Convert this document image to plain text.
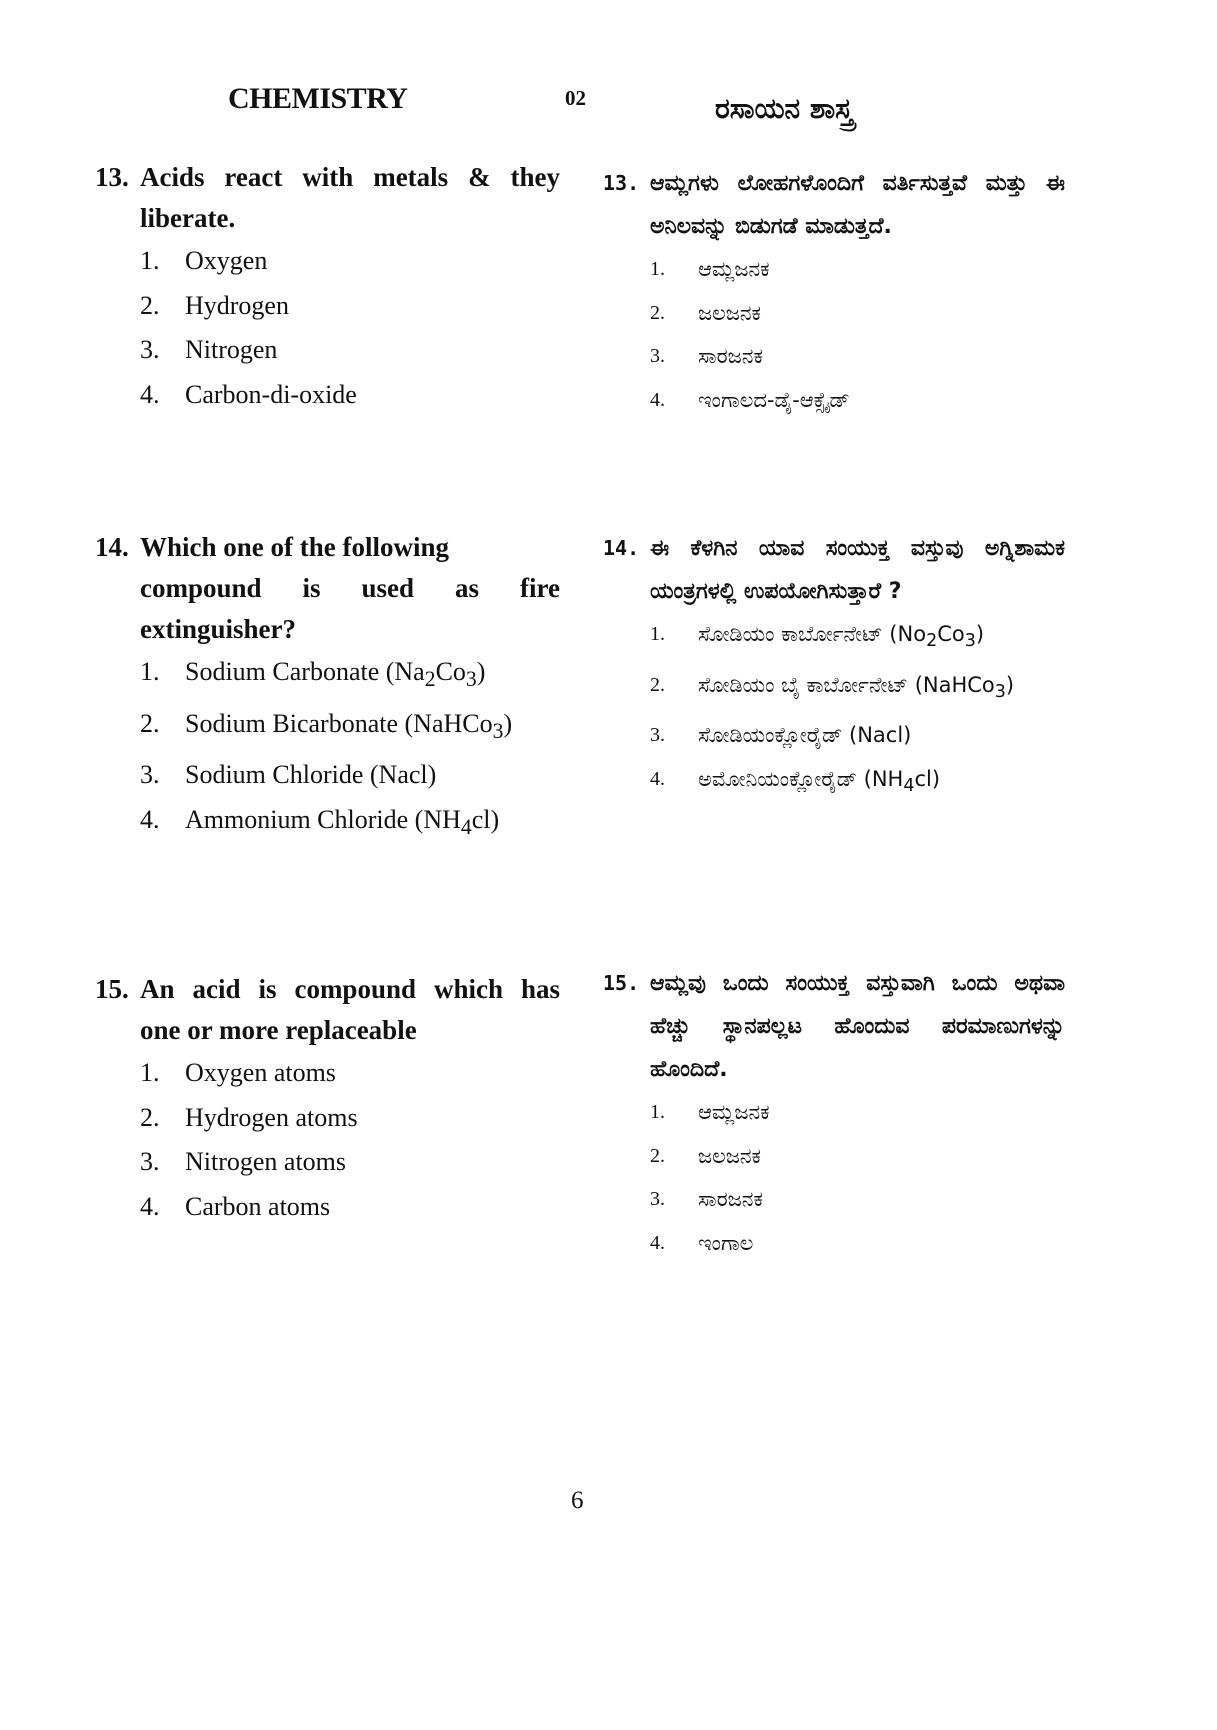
CHEMISTRY	02	ರಸಾಯನ ಶಾಸ್ತ್ರ
13. Acids react with metals & they
liberate.
1. Oxygen
2. Hydrogen
3. Nitrogen
4. Carbon-di-oxide
13. ಆಮ್ಲಗಳು ಲೋಹಗಳೊಂದಿಗೆ ವರ್ತಿಸುತ್ತವೆ ಮತ್ತು ಈ ಅನಿಲವನ್ನು ಬಿಡುಗಡೆ ಮಾಡುತ್ತದೆ.
1.	ಆಮ್ಲಜನಕ
2.	ಜಲಜನಕ
3.	ಸಾರಜನಕ
4.	ಇಂಗಾಲದ-ಡೈ-ಆಕ್ಸೈಡ್
14. Which one of the following
compound is used as fire
extinguisher?
1. Sodium Carbonate $(Na_2Co_3)$
2. Sodium Bicarbonate (NaHCo$_3$)
3. Sodium Chloride (Nacl)
4. Ammonium Chloride $(NH_4cl)$
14. ಈ ಕೆಳಗಿನ ಯಾವ ಸಂಯುಕ್ತ ವಸ್ತುವು ಅಗ್ನಿಶಾಮಕ ಯಂತ್ರಗಳಲ್ಲಿ ಉಪಯೋಗಿಸುತ್ತಾರೆ ?
1.	ಸೋಡಿಯಂ ಕಾರ್ಬೋನೇಟ್ $(No_2Co_3)$
2.	ಸೋಡಿಯಂ ಬೈ ಕಾರ್ಬೋನೇಟ್ (NaHCo$_3$)
3.	ಸೋಡಿಯಂಕ್ಲೋರೈಡ್ (Nacl)
4.	ಅಮೋನಿಯಂಕ್ಲೋರೈಡ್ $(NH_4cl)$
15. An acid is compound which has
one or more replaceable
1. Oxygen atoms
2. Hydrogen atoms
3. Nitrogen atoms
4. Carbon atoms
15. ಆಮ್ಲವು ಒಂದು ಸಂಯುಕ್ತ ವಸ್ತುವಾಗಿ ಒಂದು ಅಥವಾ ಹೆಚ್ಚು ಸ್ಥಾನಪಲ್ಲಟ ಹೊಂದುವ ಪರಮಾಣುಗಳನ್ನು ಹೊಂದಿದೆ.
1.	ಆಮ್ಲಜನಕ
2.	ಜಲಜನಕ
3.	ಸಾರಜನಕ
4.	ಇಂಗಾಲ
6
